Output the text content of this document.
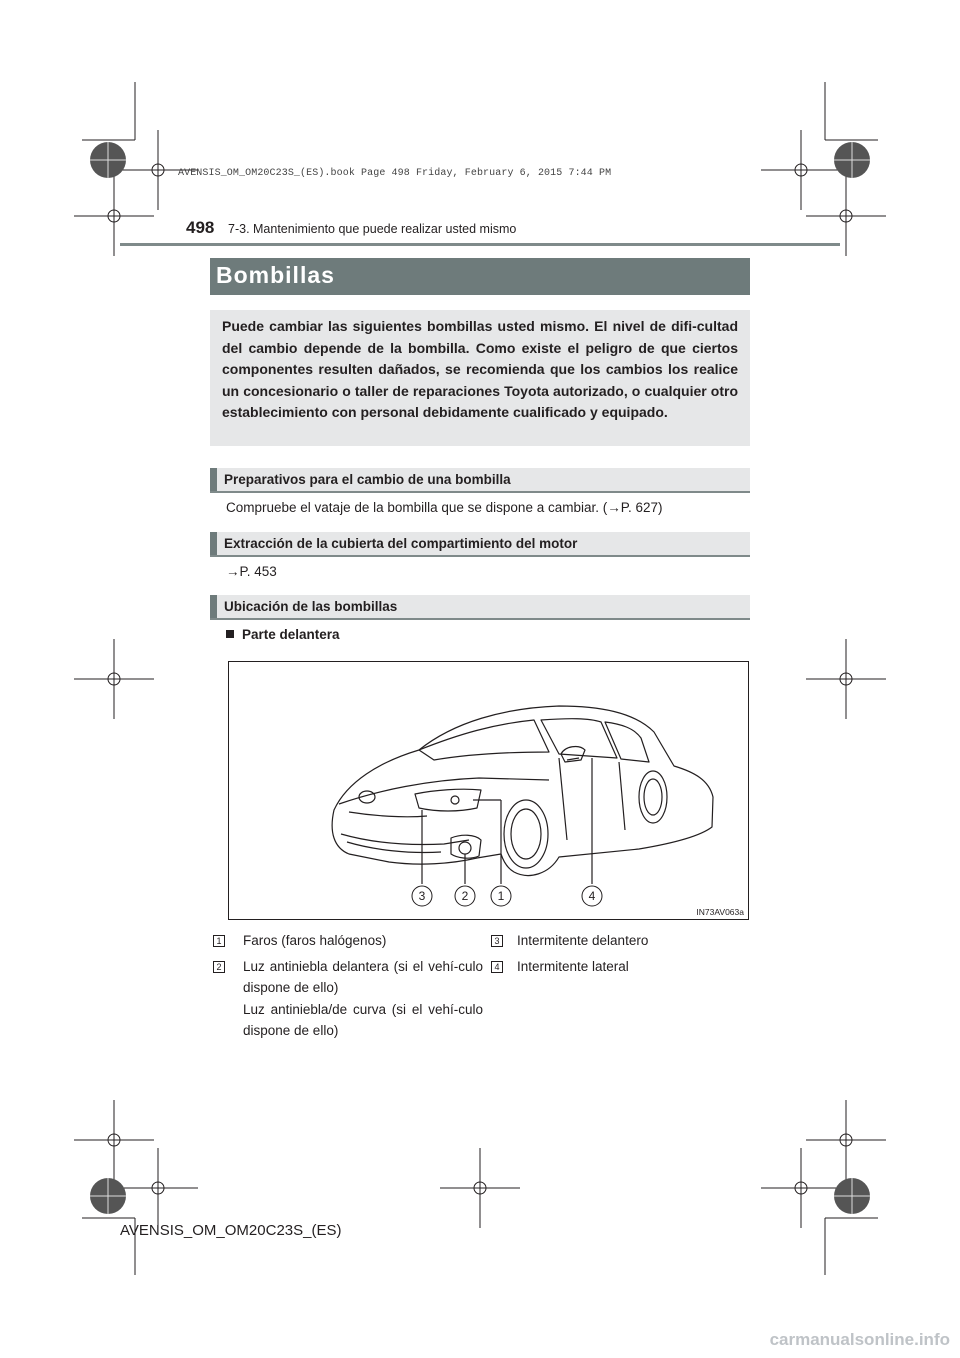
AVENSIS_OM_OM20C23S_(ES).book Page 498 Friday, February 6, 2015 7:44 PM
498 7-3. Mantenimiento que puede realizar usted mismo
Bombillas

Puede cambiar las siguientes bombillas usted mismo. El nivel de difi-cultad del cambio depende de la bombilla. Como existe el peligro de que ciertos componentes resulten dañados, se recomienda que los cambios los realice un concesionario o taller de reparaciones Toyota autorizado, o cualquier otro establecimiento con personal debidamente cualificado y equipado.

Preparativos para el cambio de una bombilla
Compruebe el vataje de la bombilla que se dispone a cambiar. (→P. 627)
Extracción de la cubierta del compartimiento del motor
→P. 453
Ubicación de las bombillas
Parte delantera
3	2 1	4
IN73AV063a
1 Faros (faros halógenos)
2 Luz antiniebla delantera (si el vehí-culo dispone de ello)
Luz antiniebla/de curva (si el vehí-culo dispone de ello)
3 Intermitente delantero
4 Intermitente lateral
AVENSIS_OM_OM20C23S_(ES)
carmanualsonline.info
